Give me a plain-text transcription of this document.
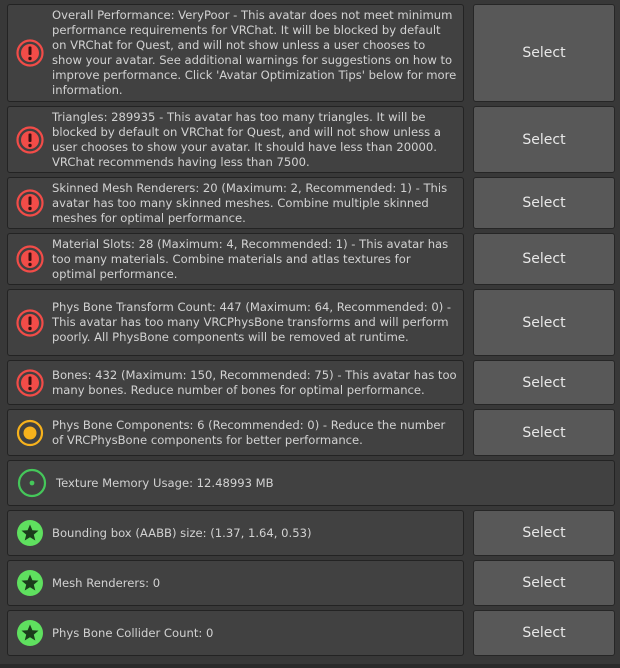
Overall Performance: VeryPoor - This avatar does not meet minimum performance requirements for VRChat. It will be blocked by default on VRChat for Quest, and will not show unless a user chooses to show your avatar. See additional warnings for suggestions on how to improve performance. Click 'Avatar Optimization Tips' below for more information.
Select
Triangles: 289935 - This avatar has too many triangles. It will be blocked by default on VRChat for Quest, and will not show unless a user chooses to show your avatar. It should have less than 20000. VRChat recommends having less than 7500.
Select
Skinned Mesh Renderers: 20 (Maximum: 2, Recommended: 1) - This avatar has too many skinned meshes. Combine multiple skinned meshes for optimal performance.
Select
Material Slots: 28 (Maximum: 4, Recommended: 1) - This avatar has too many materials. Combine materials and atlas textures for optimal performance.
Select
Phys Bone Transform Count: 447 (Maximum: 64, Recommended: 0) - This avatar has too many VRCPhysBone transforms and will perform poorly. All PhysBone components will be removed at runtime.
Select
Bones: 432 (Maximum: 150, Recommended: 75) - This avatar has too many bones. Reduce number of bones for optimal performance.	Select
Phys Bone Components: 6 (Recommended: 0) - Reduce the number of VRCPhysBone components for better performance.	Select
Texture Memory Usage: 12.48993 MB
Bounding box (AABB) size: (1.37, 1.64, 0.53)	Select
Mesh Renderers: 0	Select
Phys Bone Collider Count: 0	Select
